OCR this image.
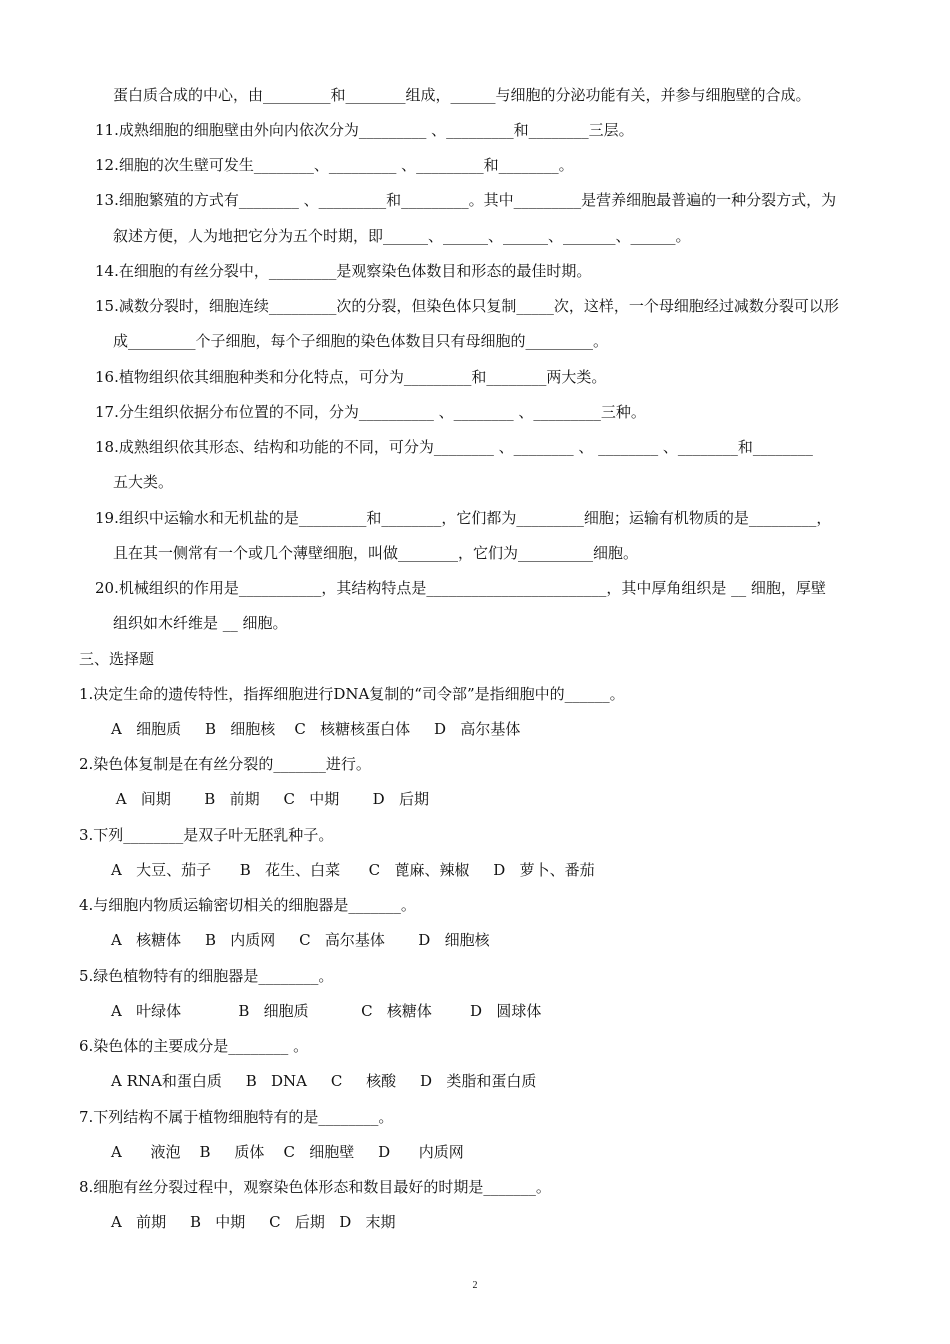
蛋白质合成的中心，由_________和________组成，______与细胞的分泌功能有关，并参与细胞壁的合成。
11.成熟细胞的细胞壁由外向内依次分为_________ 、_________和________三层。
12.细胞的次生壁可发生________、_________ 、_________和________。
13.细胞繁殖的方式有________ 、_________和_________。其中_________是营养细胞最普遍的一种分裂方式，为
叙述方便，人为地把它分为五个时期，即______、______、______、_______、______。
14.在细胞的有丝分裂中，_________是观察染色体数目和形态的最佳时期。
15.减数分裂时，细胞连续_________次的分裂，但染色体只复制_____次，这样，一个母细胞经过减数分裂可以形
成_________个子细胞，每个子细胞的染色体数目只有母细胞的_________。
16.植物组织依其细胞种类和分化特点，可分为_________和________两大类。
17.分生组织依据分布位置的不同，分为__________ 、________ 、_________三种。
18.成熟组织依其形态、结构和功能的不同，可分为________ 、________ 、 ________ 、________和________
五大类。
19.组织中运输水和无机盐的是_________和________，它们都为_________细胞；运输有机物质的是_________，
且在其一侧常有一个或几个薄壁细胞，叫做________，它们为__________细胞。
20.机械组织的作用是___________，其结构特点是________________________，其中厚角组织是 __ 细胞，厚壁
组织如木纤维是 __ 细胞。
三、选择题
1.决定生命的遗传特性，指挥细胞进行DNA复制的“司令部”是指细胞中的______。
A   细胞质     B   细胞核    C   核糖核蛋白体     D   高尔基体
2.染色体复制是在有丝分裂的_______进行。
A   间期       B   前期     C   中期       D   后期
3.下列________是双子叶无胚乳种子。
A   大豆、茄子      B   花生、白菜      C   蓖麻、辣椒     D   萝卜、番茄
4.与细胞内物质运输密切相关的细胞器是_______。
A   核糖体     B   内质网     C   高尔基体       D   细胞核
5.绿色植物特有的细胞器是________。
A   叶绿体            B   细胞质           C   核糖体        D   圆球体
6.染色体的主要成分是________ 。
A RNA和蛋白质     B   DNA     C     核酸     D   类脂和蛋白质
7.下列结构不属于植物细胞特有的是________。
A      液泡    B     质体    C   细胞壁     D      内质网
8.细胞有丝分裂过程中，观察染色体形态和数目最好的时期是_______。
A   前期     B   中期     C   后期   D   末期
2
